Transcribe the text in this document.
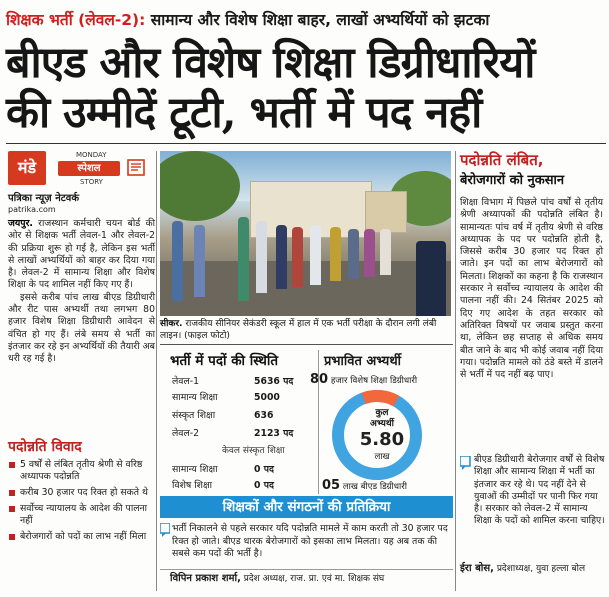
शिक्षक भर्ती (लेवल-2): सामान्य और विशेष शिक्षा बाहर, लाखों अभ्यर्थियों को झटका
बीएड और विशेष शिक्षा डिग्रीधारियों
की उम्मीदें टूटी, भर्ती में पद नहीं
मंडे
MONDAY
स्पेशल
STORY
पत्रिका न्यूज़ नेटवर्क
patrika.com
जयपुर. राजस्थान कर्मचारी चयन बोर्ड की ओर से शिक्षक भर्ती लेवल-1 और लेवल-2 की प्रक्रिया शुरू हो गई है, लेकिन इस भर्ती से लाखों अभ्यर्थियों को बाहर कर दिया गया है। लेवल-2 में सामान्य शिक्षा और विशेष शिक्षा के पद शामिल नहीं किए गए हैं।
इससे करीब पांच लाख बीएड डिग्रीधारी और रीट पास अभ्यर्थी तथा लगभग 80 हजार विशेष शिक्षा डिग्रीधारी आवेदन से वंचित हो गए हैं। लंबे समय से भर्ती का इंतजार कर रहे इन अभ्यर्थियों की तैयारी अब धरी रह गई है।
पदोन्नति विवाद
5 वर्षों से लंबित तृतीय श्रेणी से वरिष्ठ अध्यापक पदोन्नति
करीब 30 हजार पद रिक्त हो सकते थे
सर्वोच्च न्यायालय के आदेश की पालना नहीं
बेरोजगारों को पदों का लाभ नहीं मिला
सीकर. राजकीय सीनियर सेकंडरी स्कूल में हाल में एक भर्ती परीक्षा के दौरान लगी लंबी लाइन। (फाइल फोटो)
भर्ती में पदों की स्थिति
लेवल-1	5636 पद
सामान्य शिक्षा	5000
संस्कृत शिक्षा	636
लेवल-2	2123 पद
केवल संस्कृत शिक्षा
सामान्य शिक्षा	0 पद
विशेष शिक्षा	0 पद
प्रभावित अभ्यर्थी
80 हजार विशेष शिक्षा डिग्रीधारी
कुल
अभ्यर्थी
5.80
लाख
05 लाख बीएड डिग्रीधारी
शिक्षकों और संगठनों की प्रतिक्रिया
भर्ती निकालने से पहले सरकार यदि पदोन्नति मामले में काम करती तो 30 हजार पद रिक्त हो जाते। बीएड धारक बेरोजगारों को इसका लाभ मिलता। यह अब तक की सबसे कम पदों की भर्ती है।
विपिन प्रकाश शर्मा, प्रदेश अध्यक्ष, राज. प्रा. एवं मा. शिक्षक संघ
पदोन्नति लंबित,
बेरोजगारों को नुकसान
शिक्षा विभाग में पिछले पांच वर्षों से तृतीय श्रेणी अध्यापकों की पदोन्नति लंबित है। सामान्यतः पांच वर्ष में तृतीय श्रेणी से वरिष्ठ अध्यापक के पद पर पदोन्नति होती है, जिससे करीब 30 हजार पद रिक्त हो जाते। इन पदों का लाभ बेरोजगारों को मिलता। शिक्षकों का कहना है कि राजस्थान सरकार ने सर्वोच्च न्यायालय के आदेश की पालना नहीं की। 24 सितंबर 2025 को दिए गए आदेश के तहत सरकार को अतिरिक्त विषयों पर जवाब प्रस्तुत करना था, लेकिन छह सप्ताह से अधिक समय बीत जाने के बाद भी कोई जवाब नहीं दिया गया। पदोन्नति मामले को ठंडे बस्ते में डालने से भर्ती में पद नहीं बढ़ पाए।
बीएड डिग्रीधारी बेरोजगार वर्षों से विशेष शिक्षा और सामान्य शिक्षा में भर्ती का इंतजार कर रहे थे। पद नहीं देने से युवाओं की उम्मीदों पर पानी फिर गया है। सरकार को लेवल-2 में सामान्य शिक्षा के पदों को शामिल करना चाहिए।
ईरा बोस, प्रदेशाध्यक्ष, युवा हल्ला बोल
